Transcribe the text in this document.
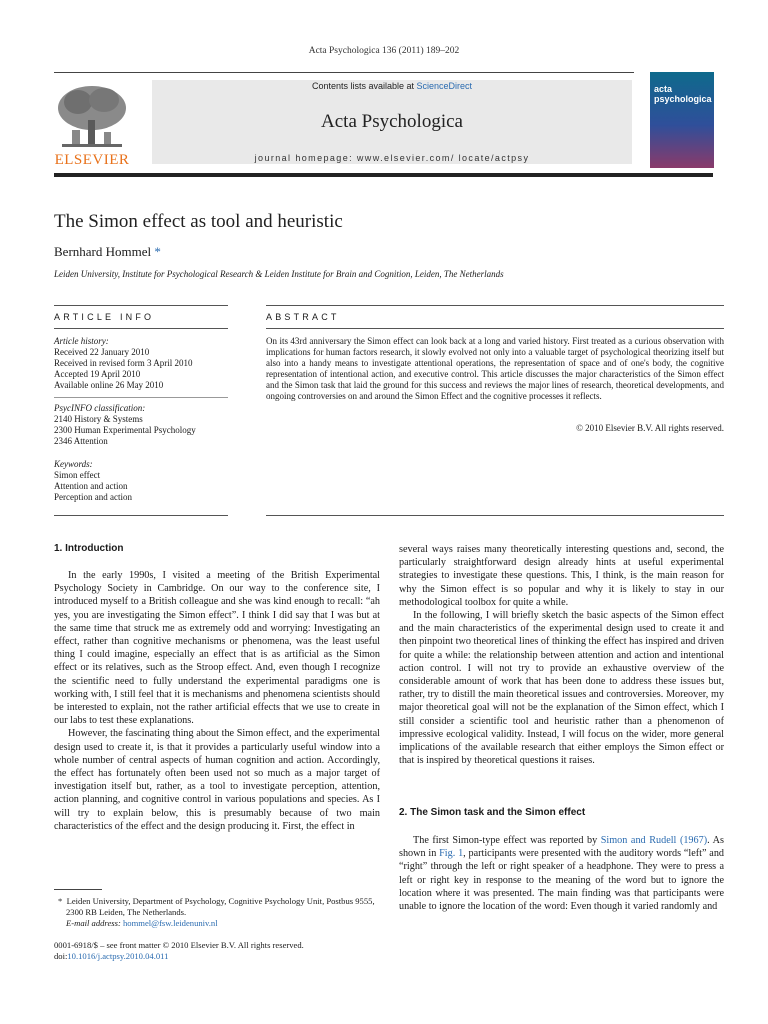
Acta Psychologica 136 (2011) 189–202
ELSEVIER
Contents lists available at ScienceDirect
Acta Psychologica
journal homepage: www.elsevier.com/ locate/actpsy
acta
psychologica
The Simon effect as tool and heuristic
Bernhard Hommel *
Leiden University, Institute for Psychological Research & Leiden Institute for Brain and Cognition, Leiden, The Netherlands
ARTICLE INFO
Article history:
Received 22 January 2010
Received in revised form 3 April 2010
Accepted 19 April 2010
Available online 26 May 2010
PsycINFO classification:
2140 History & Systems
2300 Human Experimental Psychology
2346 Attention
Keywords:
Simon effect
Attention and action
Perception and action
ABSTRACT
On its 43rd anniversary the Simon effect can look back at a long and varied history. First treated as a curious observation with implications for human factors research, it slowly evolved not only into a valuable target of psychological theorizing itself but also into a handy means to investigate attentional operations, the representation of space and of one's body, the cognitive representation of intentional action, and executive control. This article discusses the major characteristics of the Simon effect and the Simon task that laid the ground for this success and reviews the major lines of research, theoretical developments, and ongoing controversies on and around the Simon Effect and the cognitive processes it reflects.
© 2010 Elsevier B.V. All rights reserved.
1. Introduction

In the early 1990s, I visited a meeting of the British Experimental Psychology Society in Cambridge. On our way to the conference site, I introduced myself to a British colleague and she was kind enough to recall: “ah yes, you are investigating the Simon effect”. I think I did say that I was but at the same time that struck me as extremely odd and worrying: Investigating an effect, rather than cognitive mechanisms or phenomena, was the least useful thing I could imagine, especially an effect that is as artificial as the Simon effect or its relatives, such as the Stroop effect. And, even though I recognize the scientific need to fully understand the experimental paradigms one is working with, I still feel that it is mechanisms and phenomena scientists should be interested to explain, not the rather artificial effects that we use to create in our labs to test these explanations.

However, the fascinating thing about the Simon effect, and the experimental design used to create it, is that it provides a particularly useful window into a whole number of central aspects of human cognition and action. Accordingly, the effect has fortunately often been used not so much as a major target of investigation itself but, rather, as a tool to investigate perception, attention, action planning, and cognitive control in various populations and species. As I will try to explain below, this is presumably because of two main characteristics of the effect and the design producing it. First, the effect in

several ways raises many theoretically interesting questions and, second, the particularly straightforward design already hints at useful experimental strategies to investigate these questions. This, I think, is the main reason for why the Simon effect is so popular and why it is likely to stay in our methodological toolbox for quite a while.

In the following, I will briefly sketch the basic aspects of the Simon effect and the main characteristics of the experimental design used to create it and then pinpoint two theoretical lines of thinking the effect has inspired and driven for quite a while: the relationship between attention and action and intentional action control. I will not try to provide an exhaustive overview of the considerable amount of work that has been done to address these issues but, rather, try to distill the main theoretical issues and controversies. Moreover, my major theoretical goal will not be the explanation of the Simon effect, which I still consider a scientific tool and heuristic rather than a phenomenon of impressive ecological validity. Instead, I will focus on the wider, more general implications of the available research that either employs the Simon effect or that is inspired by theoretical questions it raises.

2. The Simon task and the Simon effect

The first Simon-type effect was reported by Simon and Rudell (1967). As shown in Fig. 1, participants were presented with the auditory words “left” and “right” through the left or right speaker of a headphone. They were to press a left or right key in response to the meaning of the word but to ignore the location where it was presented. The main finding was that participants were unable to ignore the location of the word: Even though it varied randomly and

* Leiden University, Department of Psychology, Cognitive Psychology Unit, Postbus 9555, 2300 RB Leiden, The Netherlands.
E-mail address: hommel@fsw.leidenuniv.nl
0001-6918/$ – see front matter © 2010 Elsevier B.V. All rights reserved.
doi:10.1016/j.actpsy.2010.04.011
